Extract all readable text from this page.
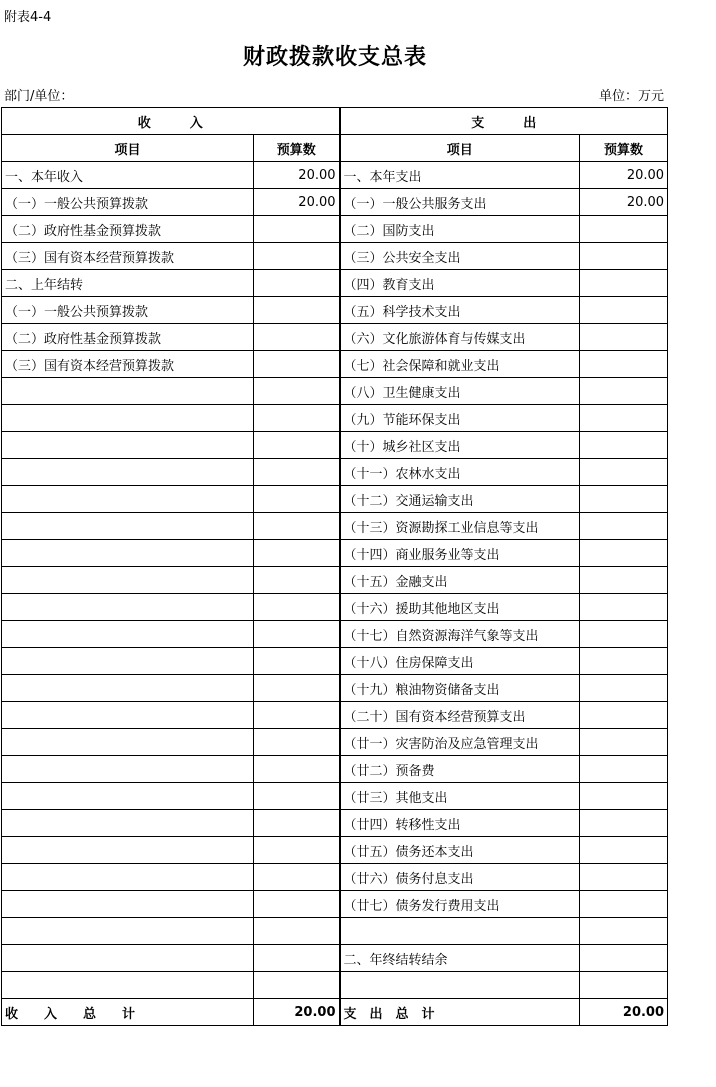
附表4-4
财政拨款收支总表
部门/单位：	单位：万元
收　　　入		支　　　出	
项目	预算数	项目	预算数
一、本年收入	20.00	一、本年支出	20.00
（一）一般公共预算拨款	20.00	（一）一般公共服务支出	20.00
（二）政府性基金预算拨款		（二）国防支出	
（三）国有资本经营预算拨款		（三）公共安全支出	
二、上年结转		（四）教育支出	
（一）一般公共预算拨款		（五）科学技术支出	
（二）政府性基金预算拨款		（六）文化旅游体育与传媒支出	
（三）国有资本经营预算拨款		（七）社会保障和就业支出	
		（八）卫生健康支出	
		（九）节能环保支出	
		（十）城乡社区支出	
		（十一）农林水支出	
		（十二）交通运输支出	
		（十三）资源勘探工业信息等支出	
		（十四）商业服务业等支出	
		（十五）金融支出	
		（十六）援助其他地区支出	
		（十七）自然资源海洋气象等支出	
		（十八）住房保障支出	
		（十九）粮油物资储备支出	
		（二十）国有资本经营预算支出	
		（廿一）灾害防治及应急管理支出	
		（廿二）预备费	
		（廿三）其他支出	
		（廿四）转移性支出	
		（廿五）债务还本支出	
		（廿六）债务付息支出	
		（廿七）债务发行费用支出	

		二、年终结转结余	

收　　入　　总　　计	20.00	支　出　总　计	20.00
